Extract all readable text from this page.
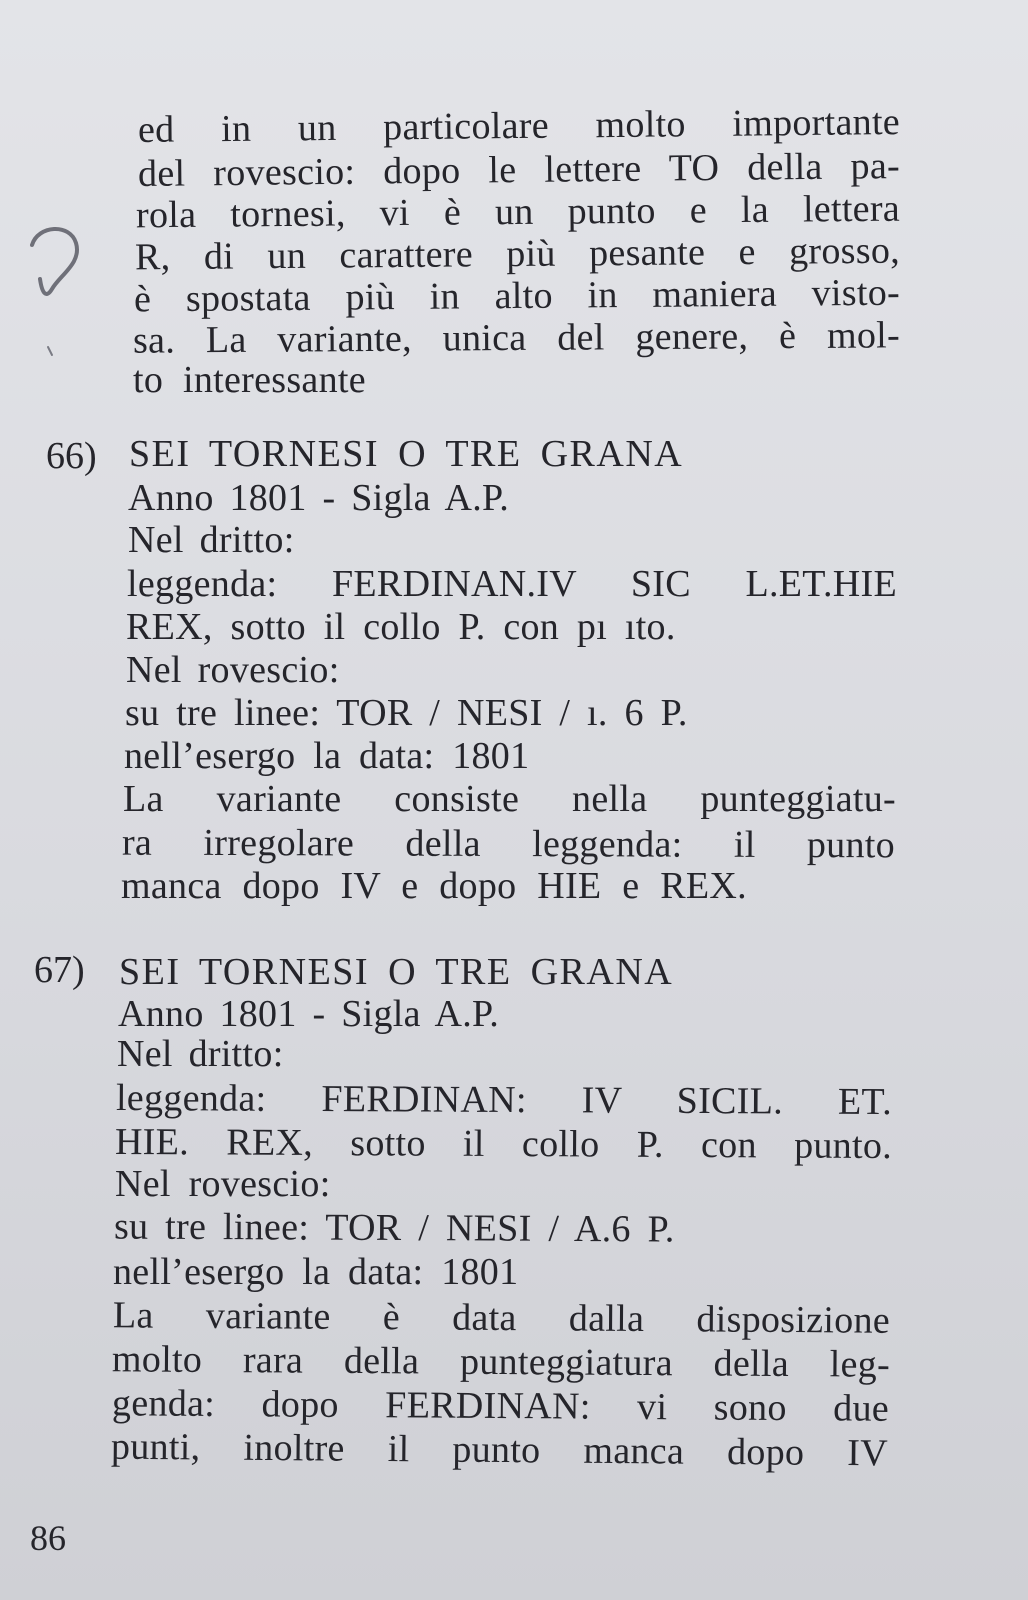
ed in un particolare molto importante
del rovescio: dopo le lettere TO della pa-
rola tornesi, vi è un punto e la lettera
R, di un carattere più pesante e grosso,
è spostata più in alto in maniera visto-
sa. La variante, unica del genere, è mol-
to interessante
66) SEI TORNESI O TRE GRANA
Anno 1801 - Sigla A.P.
Nel dritto:
leggenda: FERDINAN.IV SIC L.ET.HIE
REX, sotto il collo P. con pı ıto.
Nel rovescio:
su tre linee: TOR / NESI / ı. 6 P.
nell’esergo la data: 1801
La variante consiste nella punteggiatu-
ra irregolare della leggenda: il punto
manca dopo IV e dopo HIE e REX.
67) SEI TORNESI O TRE GRANA
Anno 1801 - Sigla A.P.
Nel dritto:
leggenda: FERDINAN: IV SICIL. ET.
HIE. REX, sotto il collo P. con punto.
Nel rovescio:
su tre linee: TOR / NESI / A.6 P.
nell’esergo la data: 1801
La variante è data dalla disposizione
molto rara della punteggiatura della leg-
genda: dopo FERDINAN: vi sono due
punti, inoltre il punto manca dopo IV
86
